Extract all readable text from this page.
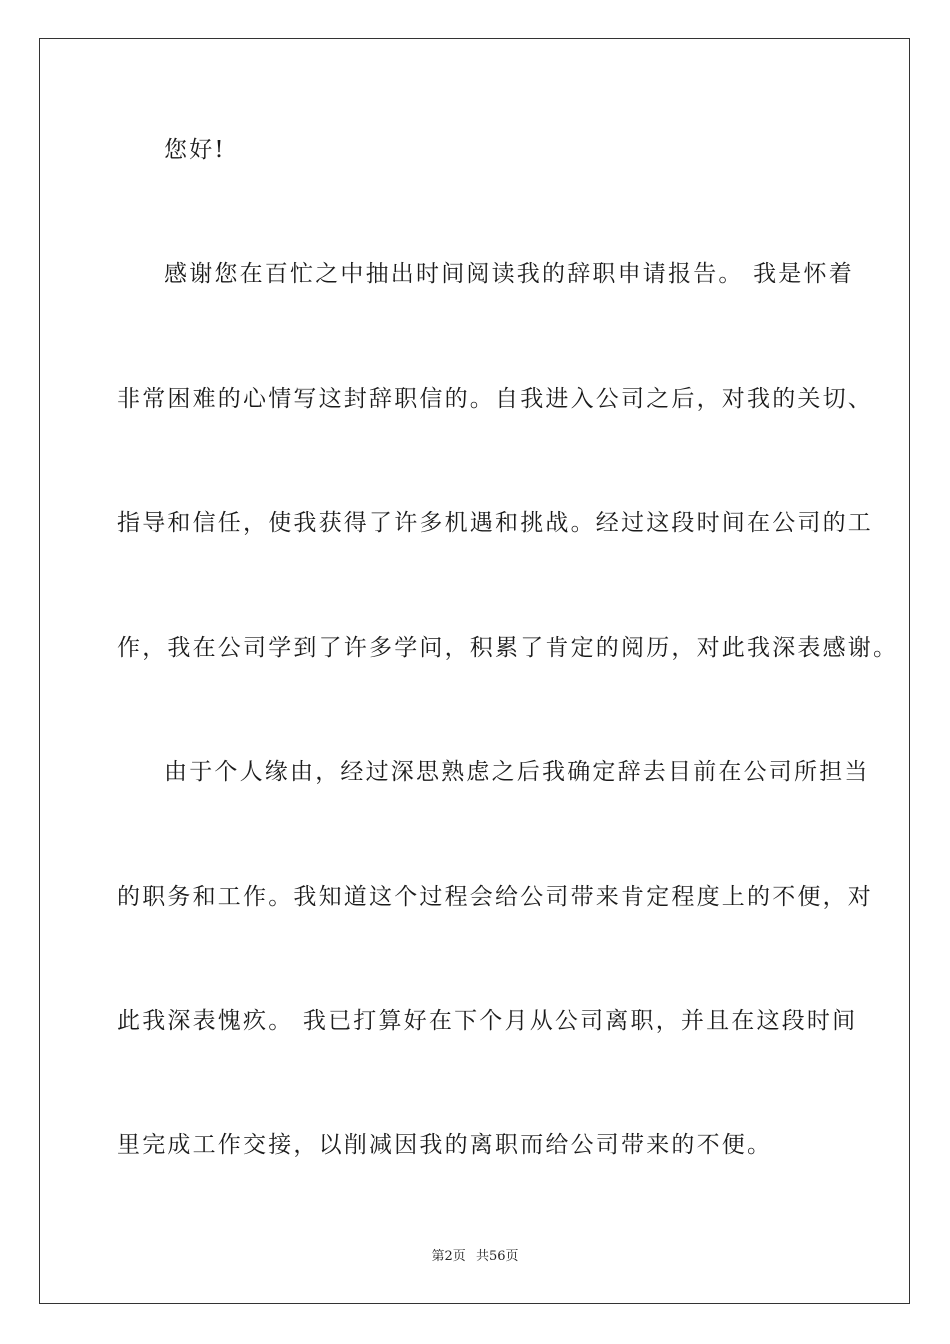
您好!
感谢您在百忙之中抽出时间阅读我的辞职申请报告。 我是怀着
非常困难的心情写这封辞职信的。自我进入公司之后，对我的关切、
指导和信任，使我获得了许多机遇和挑战。经过这段时间在公司的工
作，我在公司学到了许多学问，积累了肯定的阅历，对此我深表感谢。
由于个人缘由，经过深思熟虑之后我确定辞去目前在公司所担当
的职务和工作。我知道这个过程会给公司带来肯定程度上的不便，对
此我深表愧疚。 我已打算好在下个月从公司离职，并且在这段时间
里完成工作交接，以削减因我的离职而给公司带来的不便。
第2页 共56页
